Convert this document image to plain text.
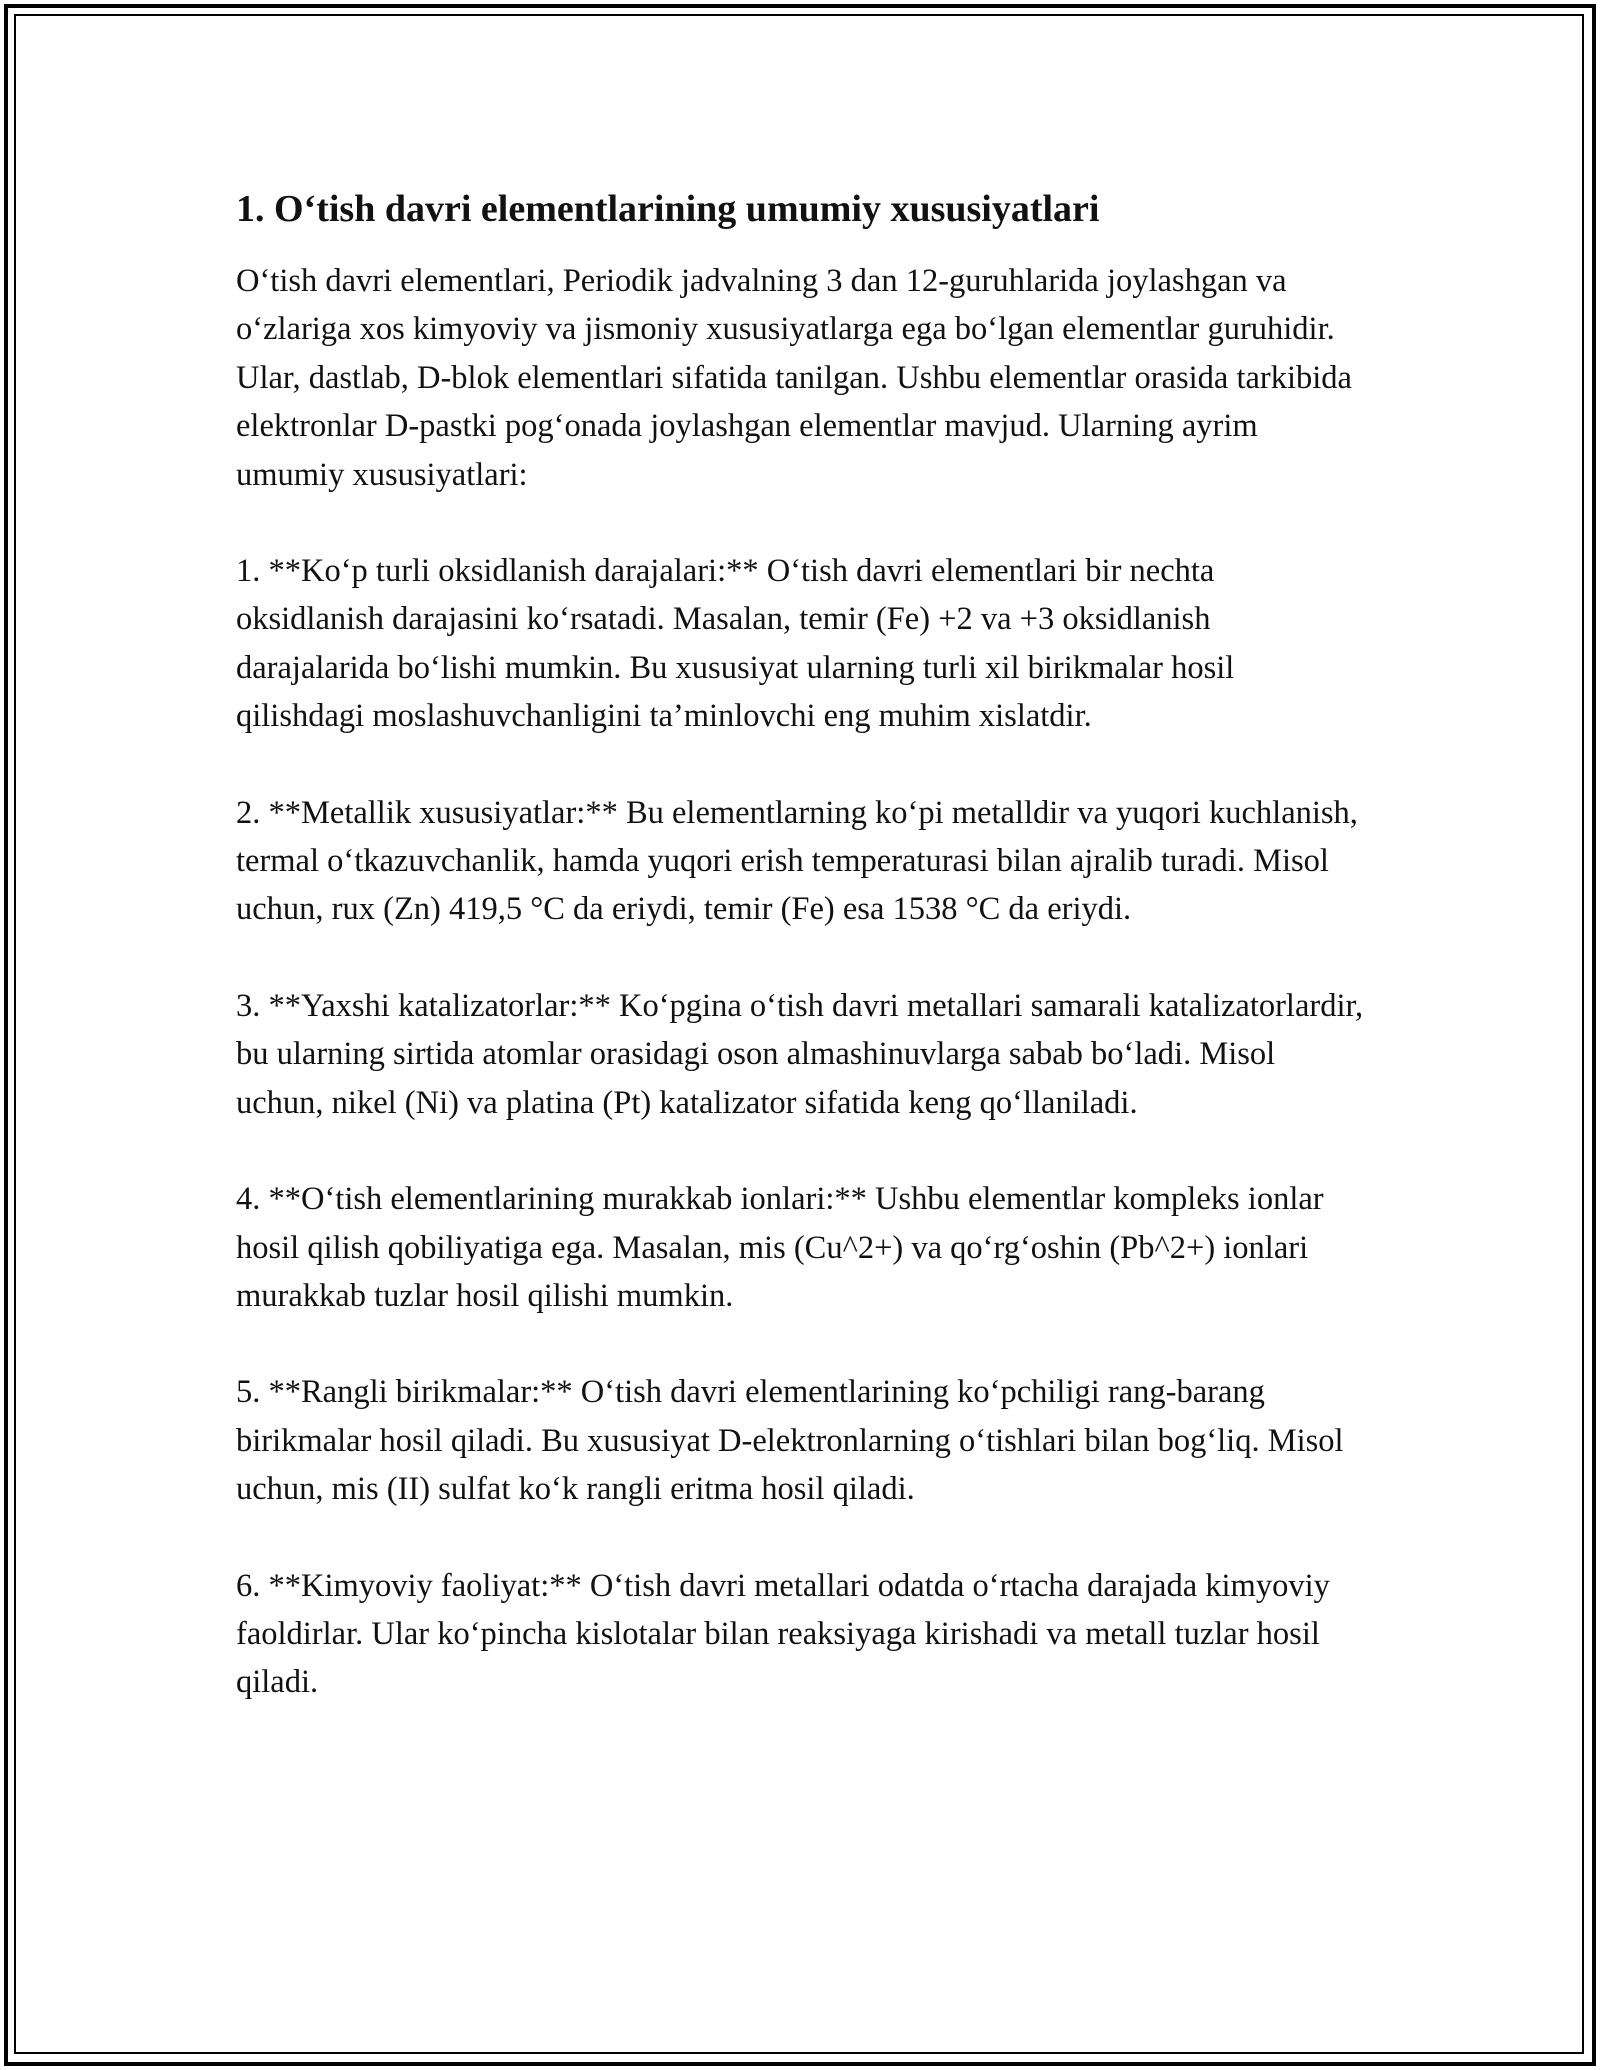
1. O‘tish davri elementlarining umumiy xususiyatlari

O‘tish davri elementlari, Periodik jadvalning 3 dan 12-guruhlarida joylashgan va o‘zlariga xos kimyoviy va jismoniy xususiyatlarga ega bo‘lgan elementlar guruhidir. Ular, dastlab, D-blok elementlari sifatida tanilgan. Ushbu elementlar orasida tarkibida elektronlar D-pastki pog‘onada joylashgan elementlar mavjud. Ularning ayrim umumiy xususiyatlari:

1. **Ko‘p turli oksidlanish darajalari:** O‘tish davri elementlari bir nechta oksidlanish darajasini ko‘rsatadi. Masalan, temir (Fe) +2 va +3 oksidlanish darajalarida bo‘lishi mumkin. Bu xususiyat ularning turli xil birikmalar hosil qilishdagi moslashuvchanligini ta’minlovchi eng muhim xislatdir.

2. **Metallik xususiyatlar:** Bu elementlarning ko‘pi metalldir va yuqori kuchlanish, termal o‘tkazuvchanlik, hamda yuqori erish temperaturasi bilan ajralib turadi. Misol uchun, rux (Zn) 419,5 °C da eriydi, temir (Fe) esa 1538 °C da eriydi.

3. **Yaxshi katalizatorlar:** Ko‘pgina o‘tish davri metallari samarali katalizatorlardir, bu ularning sirtida atomlar orasidagi oson almashinuvlarga sabab bo‘ladi. Misol uchun, nikel (Ni) va platina (Pt) katalizator sifatida keng qo‘llaniladi.

4. **O‘tish elementlarining murakkab ionlari:** Ushbu elementlar kompleks ionlar hosil qilish qobiliyatiga ega. Masalan, mis (Cu^2+) va qo‘rg‘oshin (Pb^2+) ionlari murakkab tuzlar hosil qilishi mumkin.

5. **Rangli birikmalar:** O‘tish davri elementlarining ko‘pchiligi rang-barang birikmalar hosil qiladi. Bu xususiyat D-elektronlarning o‘tishlari bilan bog‘liq. Misol uchun, mis (II) sulfat ko‘k rangli eritma hosil qiladi.

6. **Kimyoviy faoliyat:** O‘tish davri metallari odatda o‘rtacha darajada kimyoviy faoldirlar. Ular ko‘pincha kislotalar bilan reaksiyaga kirishadi va metall tuzlar hosil qiladi.
